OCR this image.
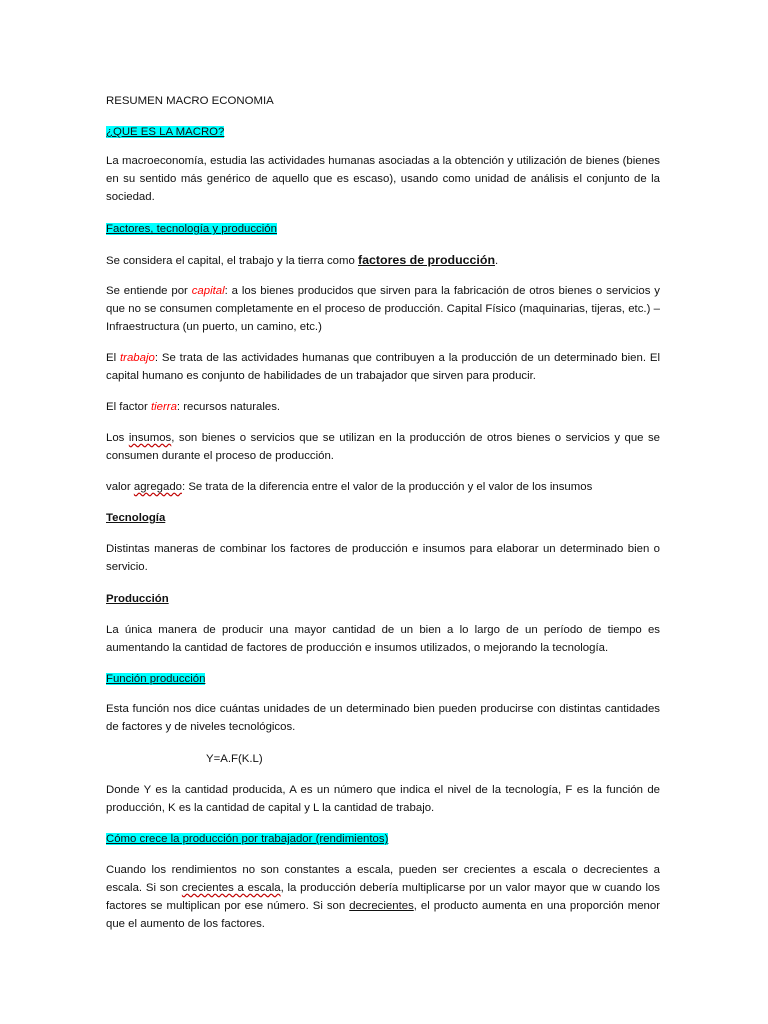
RESUMEN MACRO ECONOMIA

¿QUE ES LA MACRO?

La macroeconomía, estudia las actividades humanas asociadas a la obtención y utilización de bienes (bienes en su sentido más genérico de aquello que es escaso), usando como unidad de análisis el conjunto de la sociedad.

Factores, tecnología y producción

Se considera el capital, el trabajo y la tierra como factores de producción.

Se entiende por capital: a los bienes producidos que sirven para la fabricación de otros bienes o servicios y que no se consumen completamente en el proceso de producción. Capital Físico (maquinarias, tijeras, etc.) – Infraestructura (un puerto, un camino, etc.)

El trabajo: Se trata de las actividades humanas que contribuyen a la producción de un determinado bien. El capital humano es conjunto de habilidades de un trabajador que sirven para producir.

El factor tierra: recursos naturales.

Los insumos, son bienes o servicios que se utilizan en la producción de otros bienes o servicios y que se consumen durante el proceso de producción.

valor agregado: Se trata de la diferencia entre el valor de la producción y el valor de los insumos

Tecnología

Distintas maneras de combinar los factores de producción e insumos para elaborar un determinado bien o servicio.

Producción

La única manera de producir una mayor cantidad de un bien a lo largo de un período de tiempo es aumentando la cantidad de factores de producción e insumos utilizados, o mejorando la tecnología.

Función producción

Esta función nos dice cuántas unidades de un determinado bien pueden producirse con distintas cantidades de factores y de niveles tecnológicos.

Y=A.F(K.L)

Donde Y es la cantidad producida, A es un número que indica el nivel de la tecnología, F es la función de producción, K es la cantidad de capital y L la cantidad de trabajo.

Cómo crece la producción por trabajador (rendimientos)

Cuando los rendimientos no son constantes a escala, pueden ser crecientes a escala o decrecientes a escala. Si son crecientes a escala, la producción debería multiplicarse por un valor mayor que w cuando los factores se multiplican por ese número. Si son decrecientes, el producto aumenta en una proporción menor que el aumento de los factores.
